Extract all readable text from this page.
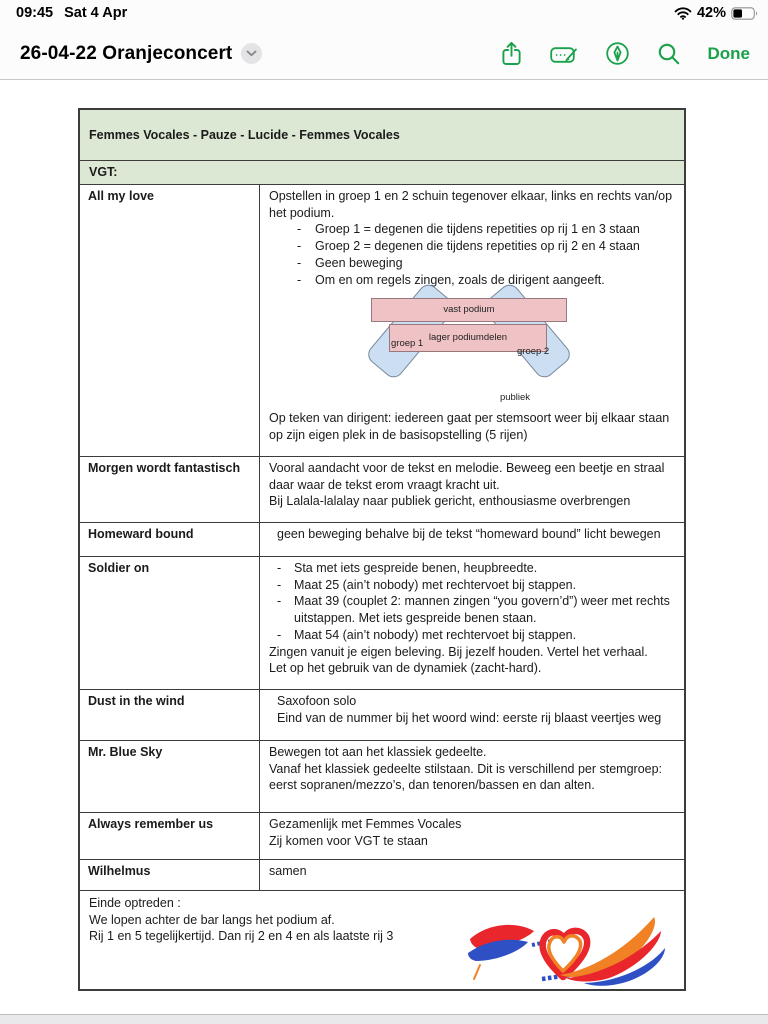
09:45 Sat 4 Apr	42%
26-04-22 Oranjeconcert	Done
Femmes Vocales - Pauze - Lucide - Femmes Vocales
VGT:
All my love	Opstellen in groep 1 en 2 schuin tegenover elkaar, links en rechts van/op het podium.

- Groep 1 = degenen die tijdens repetities op rij 1 en 3 staan
- Groep 2 = degenen die tijdens repetities op rij 2 en 4 staan
- Geen beweging
- Om en om regels zingen, zoals de dirigent aangeeft.
vast podium
lager podiumdelen
groep 1
groep 2
publiek

Op teken van dirigent: iedereen gaat per stemsoort weer bij elkaar staan op zijn eigen plek in de basisopstelling (5 rijen)

Morgen wordt fantastisch	Vooral aandacht voor de tekst en melodie. Beweeg een beetje en straal daar waar de tekst erom vraagt kracht uit.

Bij Lalala-lalalay naar publiek gericht, enthousiasme overbrengen

Homeward bound	geen beweging behalve bij de tekst “homeward bound” licht bewegen

Soldier on	- Sta met iets gespreide benen, heupbreedte.
- Maat 25 (ain’t nobody) met rechtervoet bij stappen.
- Maat 39 (couplet 2: mannen zingen “you govern’d”) weer met rechts uitstappen. Met iets gespreide benen staan.
- Maat 54 (ain’t nobody) met rechtervoet bij stappen.

Zingen vanuit je eigen beleving. Bij jezelf houden. Vertel het verhaal.

Let op het gebruik van de dynamiek (zacht-hard).

Dust in the wind	Saxofoon solo

Eind van de nummer bij het woord wind: eerste rij blaast veertjes weg

Mr. Blue Sky	Bewegen tot aan het klassiek gedeelte.

Vanaf het klassiek gedeelte stilstaan. Dit is verschillend per stemgroep: eerst sopranen/mezzo’s, dan tenoren/bassen en dan alten.

Always remember us	Gezamenlijk met Femmes Vocales

Zij komen voor VGT te staan

Wilhelmus	samen

Einde optreden :

We lopen achter de bar langs het podium af.

Rij 1 en 5 tegelijkertijd. Dan rij 2 en 4 en als laatste rij 3
